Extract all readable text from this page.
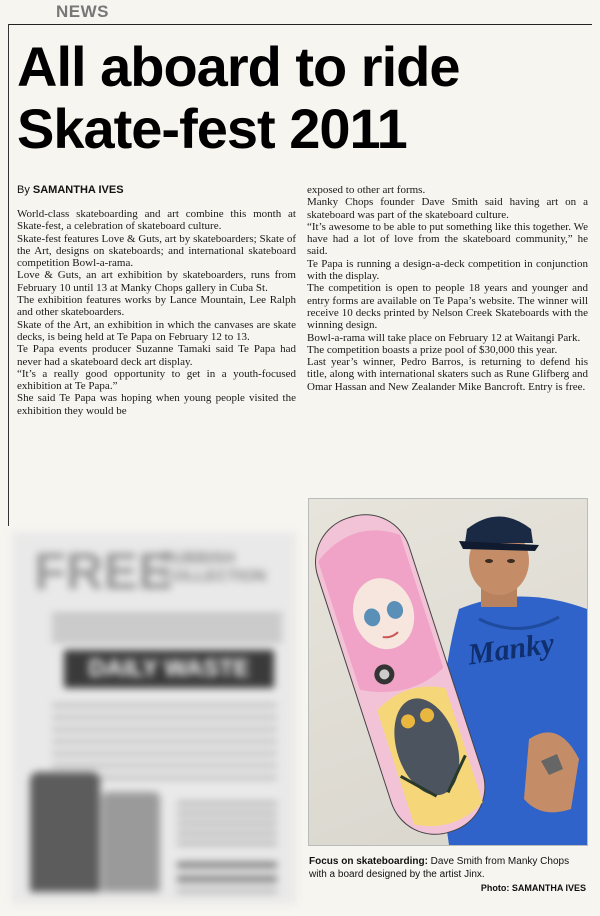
NEWS
All aboard to ride
Skate-fest 2011
By SAMANTHA IVES

World-class skateboarding and art combine this month at Skate-fest, a celebration of skateboard culture.

Skate-fest features Love & Guts, art by skateboarders; Skate of the Art, designs on skateboards; and international skateboard competition Bowl-a-rama.

Love & Guts, an art exhibition by skateboarders, runs from February 10 until 13 at Manky Chops gallery in Cuba St.

The exhibition features works by Lance Mountain, Lee Ralph and other skateboarders.

Skate of the Art, an exhibition in which the canvases are skate decks, is being held at Te Papa on February 12 to 13.

Te Papa events producer Suzanne Tamaki said Te Papa had never had a skateboard deck art display.

“It’s a really good opportunity to get in a youth-focused exhibition at Te Papa.”

She said Te Papa was hoping when young people visited the exhibition they would be

exposed to other art forms.

Manky Chops founder Dave Smith said having art on a skateboard was part of the skateboard culture.

“It’s awesome to be able to put something like this together. We have had a lot of love from the skateboard community,” he said.

Te Papa is running a design-a-deck competition in conjunction with the display.

The competition is open to people 18 years and younger and entry forms are available on Te Papa’s website. The winner will receive 10 decks printed by Nelson Creek Skateboards with the winning design.

Bowl-a-rama will take place on February 12 at Waitangi Park.

The competition boasts a prize pool of $30,000 this year.

Last year’s winner, Pedro Barros, is returning to defend his title, along with international skaters such as Rune Glifberg and Omar Hassan and New Zealander Mike Bancroft. Entry is free.

FREE
RUBBISH COLLECTION
DAILY WASTE	Manky
Focus on skateboarding: Dave Smith from Manky Chops with a board designed by the artist Jinx.
Photo: SAMANTHA IVES
